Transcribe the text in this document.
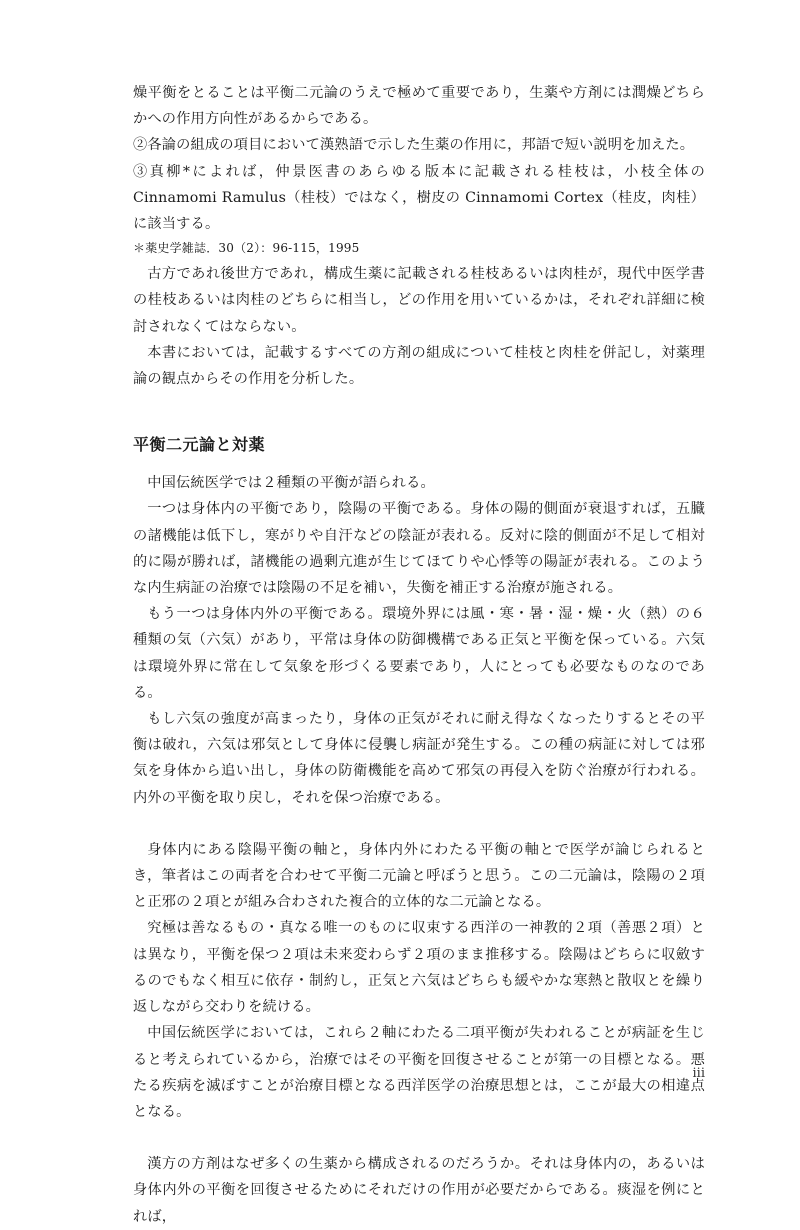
燥平衡をとることは平衡二元論のうえで極めて重要であり，生薬や方剤には潤燥どちらかへの作用方向性があるからである。

②各論の組成の項目において漢熟語で示した生薬の作用に，邦語で短い説明を加えた。

③真柳*によれば，仲景医書のあらゆる版本に記載される桂枝は，小枝全体の Cinnamomi Ramulus（桂枝）ではなく，樹皮の Cinnamomi Cortex（桂皮，肉桂）に該当する。

＊薬史学雑誌．30（2）：96-115，1995

古方であれ後世方であれ，構成生薬に記載される桂枝あるいは肉桂が，現代中医学書の桂枝あるいは肉桂のどちらに相当し，どの作用を用いているかは，それぞれ詳細に検討されなくてはならない。

本書においては，記載するすべての方剤の組成について桂枝と肉桂を併記し，対薬理論の観点からその作用を分析した。

平衡二元論と対薬

中国伝統医学では２種類の平衡が語られる。

一つは身体内の平衡であり，陰陽の平衡である。身体の陽的側面が衰退すれば，五臓の諸機能は低下し，寒がりや自汗などの陰証が表れる。反対に陰的側面が不足して相対的に陽が勝れば，諸機能の過剰亢進が生じてほてりや心悸等の陽証が表れる。このような内生病証の治療では陰陽の不足を補い，失衡を補正する治療が施される。

もう一つは身体内外の平衡である。環境外界には風・寒・暑・湿・燥・火（熱）の６種類の気（六気）があり，平常は身体の防御機構である正気と平衡を保っている。六気は環境外界に常在して気象を形づくる要素であり，人にとっても必要なものなのである。

もし六気の強度が高まったり，身体の正気がそれに耐え得なくなったりするとその平衡は破れ，六気は邪気として身体に侵襲し病証が発生する。この種の病証に対しては邪気を身体から追い出し，身体の防衛機能を高めて邪気の再侵入を防ぐ治療が行われる。内外の平衡を取り戻し，それを保つ治療である。

身体内にある陰陽平衡の軸と，身体内外にわたる平衡の軸とで医学が論じられるとき，筆者はこの両者を合わせて平衡二元論と呼ぼうと思う。この二元論は，陰陽の２項と正邪の２項とが組み合わされた複合的立体的な二元論となる。

究極は善なるもの・真なる唯一のものに収束する西洋の一神教的２項（善悪２項）とは異なり，平衡を保つ２項は未来変わらず２項のまま推移する。陰陽はどちらに収斂するのでもなく相互に依存・制約し，正気と六気はどちらも緩やかな寒熱と散収とを繰り返しながら交わりを続ける。

中国伝統医学においては，これら２軸にわたる二項平衡が失われることが病証を生じると考えられているから，治療ではその平衡を回復させることが第一の目標となる。悪たる疾病を滅ぼすことが治療目標となる西洋医学の治療思想とは，ここが最大の相違点となる。

漢方の方剤はなぜ多くの生薬から構成されるのだろうか。それは身体内の，あるいは身体内外の平衡を回復させるためにそれだけの作用が必要だからである。痰湿を例にとれば，

iii
